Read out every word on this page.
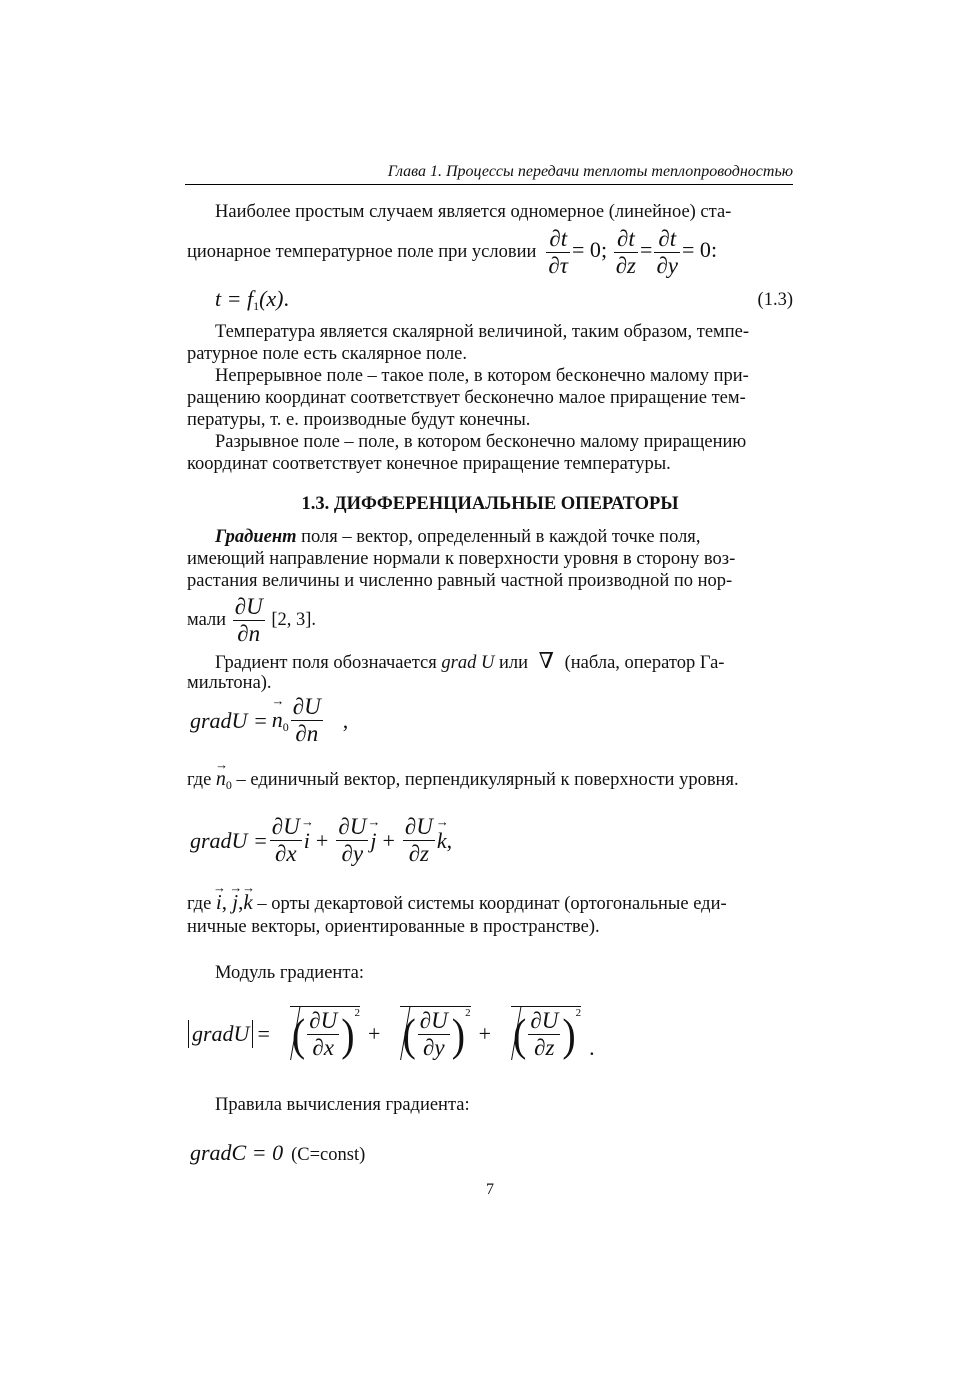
Глава 1. Процессы передачи теплоты теплопроводностью
Наиболее простым случаем является одномерное (линейное) ста-
ционарное температурное поле при условии $\frac{\partial t}{\partial\tau} = 0$; $\frac{\partial t}{\partial z} = \frac{\partial t}{\partial y} = 0$:
$t = f_1(x)$.	(1.3)
Температура является скалярной величиной, таким образом, темпе-
ратурное поле есть скалярное поле.
Непрерывное поле – такое поле, в котором бесконечно малому при-
ращению координат соответствует бесконечно малое приращение тем-
пературы, т. е. производные будут конечны.
Разрывное поле – поле, в котором бесконечно малому приращению
координат соответствует конечное приращение температуры.
1.3. ДИФФЕРЕНЦИАЛЬНЫЕ ОПЕРАТОРЫ
Градиент поля – вектор, определенный в каждой точке поля,
имеющий направление нормали к поверхности уровня в сторону воз-
растания величины и численно равный частной производной по нор-
мали $\frac{\partial U}{\partial n} [2$, 3].
Градиент поля обозначается grad U или ∇ (набла, оператор Га-
мильтона).
gradU =
→ $n_0 \frac{\partial U}{\partial n}$ ,
где → $n_0$ – единичный вектор, перпендикулярный к поверхности уровня.
gradU = $\frac{\partial U}{\partial x}$
→ $i + \frac{\partial U}{\partial y}$
→ $j + \frac{\partial U}{\partial z}$
→ k ,
где → i, → j,→ k – орты декартовой системы координат (ортогональные еди-
ничные векторы, ориентированные в пространстве).
Модуль градиента:
gradU = ( $\frac{\partial U}{\partial x} )^2$
+ ( $\frac{\partial U}{\partial y} )^2$
+ ( $\frac{\partial U}{\partial z} )^2$
.
Правила вычисления градиента:
gradC = 0 (C=const)
7
